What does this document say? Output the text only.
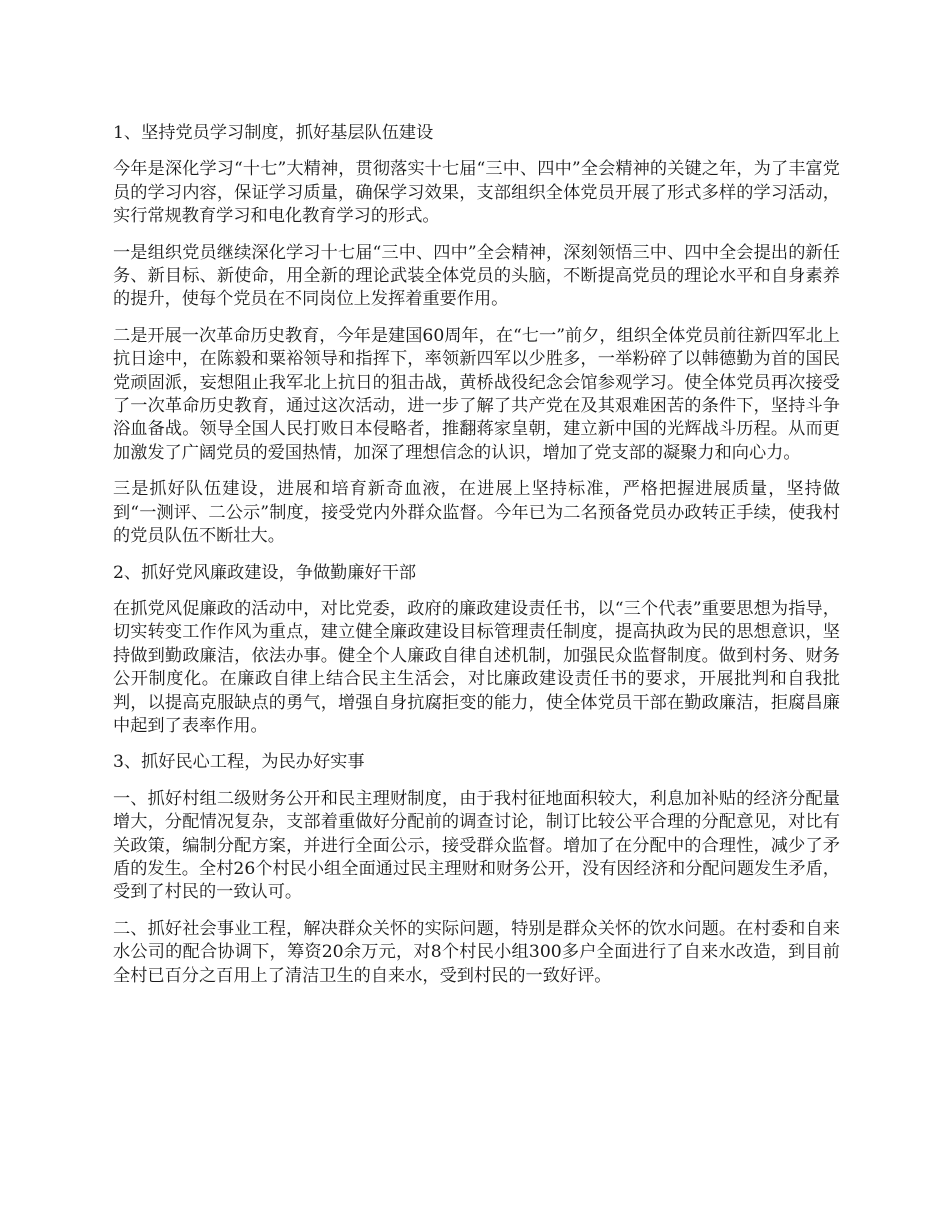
1、坚持党员学习制度，抓好基层队伍建设

今年是深化学习“十七”大精神，贯彻落实十七届“三中、四中”全会精神的关键之年，为了丰富党员的学习内容，保证学习质量，确保学习效果，支部组织全体党员开展了形式多样的学习活动，实行常规教育学习和电化教育学习的形式。

一是组织党员继续深化学习十七届“三中、四中”全会精神，深刻领悟三中、四中全会提出的新任务、新目标、新使命，用全新的理论武装全体党员的头脑，不断提高党员的理论水平和自身素养的提升，使每个党员在不同岗位上发挥着重要作用。

二是开展一次革命历史教育，今年是建国60周年，在“七一”前夕，组织全体党员前往新四军北上抗日途中，在陈毅和粟裕领导和指挥下，率领新四军以少胜多，一举粉碎了以韩德勤为首的国民党顽固派，妄想阻止我军北上抗日的狙击战，黄桥战役纪念会馆参观学习。使全体党员再次接受了一次革命历史教育，通过这次活动，进一步了解了共产党在及其艰难困苦的条件下，坚持斗争浴血备战。领导全国人民打败日本侵略者，推翻蒋家皇朝，建立新中国的光辉战斗历程。从而更加激发了广阔党员的爱国热情，加深了理想信念的认识，增加了党支部的凝聚力和向心力。

三是抓好队伍建设，进展和培育新奇血液，在进展上坚持标准，严格把握进展质量，坚持做到“一测评、二公示”制度，接受党内外群众监督。今年已为二名预备党员办政转正手续，使我村的党员队伍不断壮大。

2、抓好党风廉政建设，争做勤廉好干部

在抓党风促廉政的活动中，对比党委，政府的廉政建设责任书，以“三个代表”重要思想为指导，切实转变工作作风为重点，建立健全廉政建设目标管理责任制度，提高执政为民的思想意识，坚持做到勤政廉洁，依法办事。健全个人廉政自律自述机制，加强民众监督制度。做到村务、财务公开制度化。在廉政自律上结合民主生活会，对比廉政建设责任书的要求，开展批判和自我批判，以提高克服缺点的勇气，增强自身抗腐拒变的能力，使全体党员干部在勤政廉洁，拒腐昌廉中起到了表率作用。

3、抓好民心工程，为民办好实事

一、抓好村组二级财务公开和民主理财制度，由于我村征地面积较大，利息加补贴的经济分配量增大，分配情况复杂，支部着重做好分配前的调查讨论，制订比较公平合理的分配意见，对比有关政策，编制分配方案，并进行全面公示，接受群众监督。增加了在分配中的合理性，减少了矛盾的发生。全村26个村民小组全面通过民主理财和财务公开，没有因经济和分配问题发生矛盾，受到了村民的一致认可。

二、抓好社会事业工程，解决群众关怀的实际问题，特别是群众关怀的饮水问题。在村委和自来水公司的配合协调下，筹资20余万元，对8个村民小组300多户全面进行了自来水改造，到目前全村已百分之百用上了清洁卫生的自来水，受到村民的一致好评。
